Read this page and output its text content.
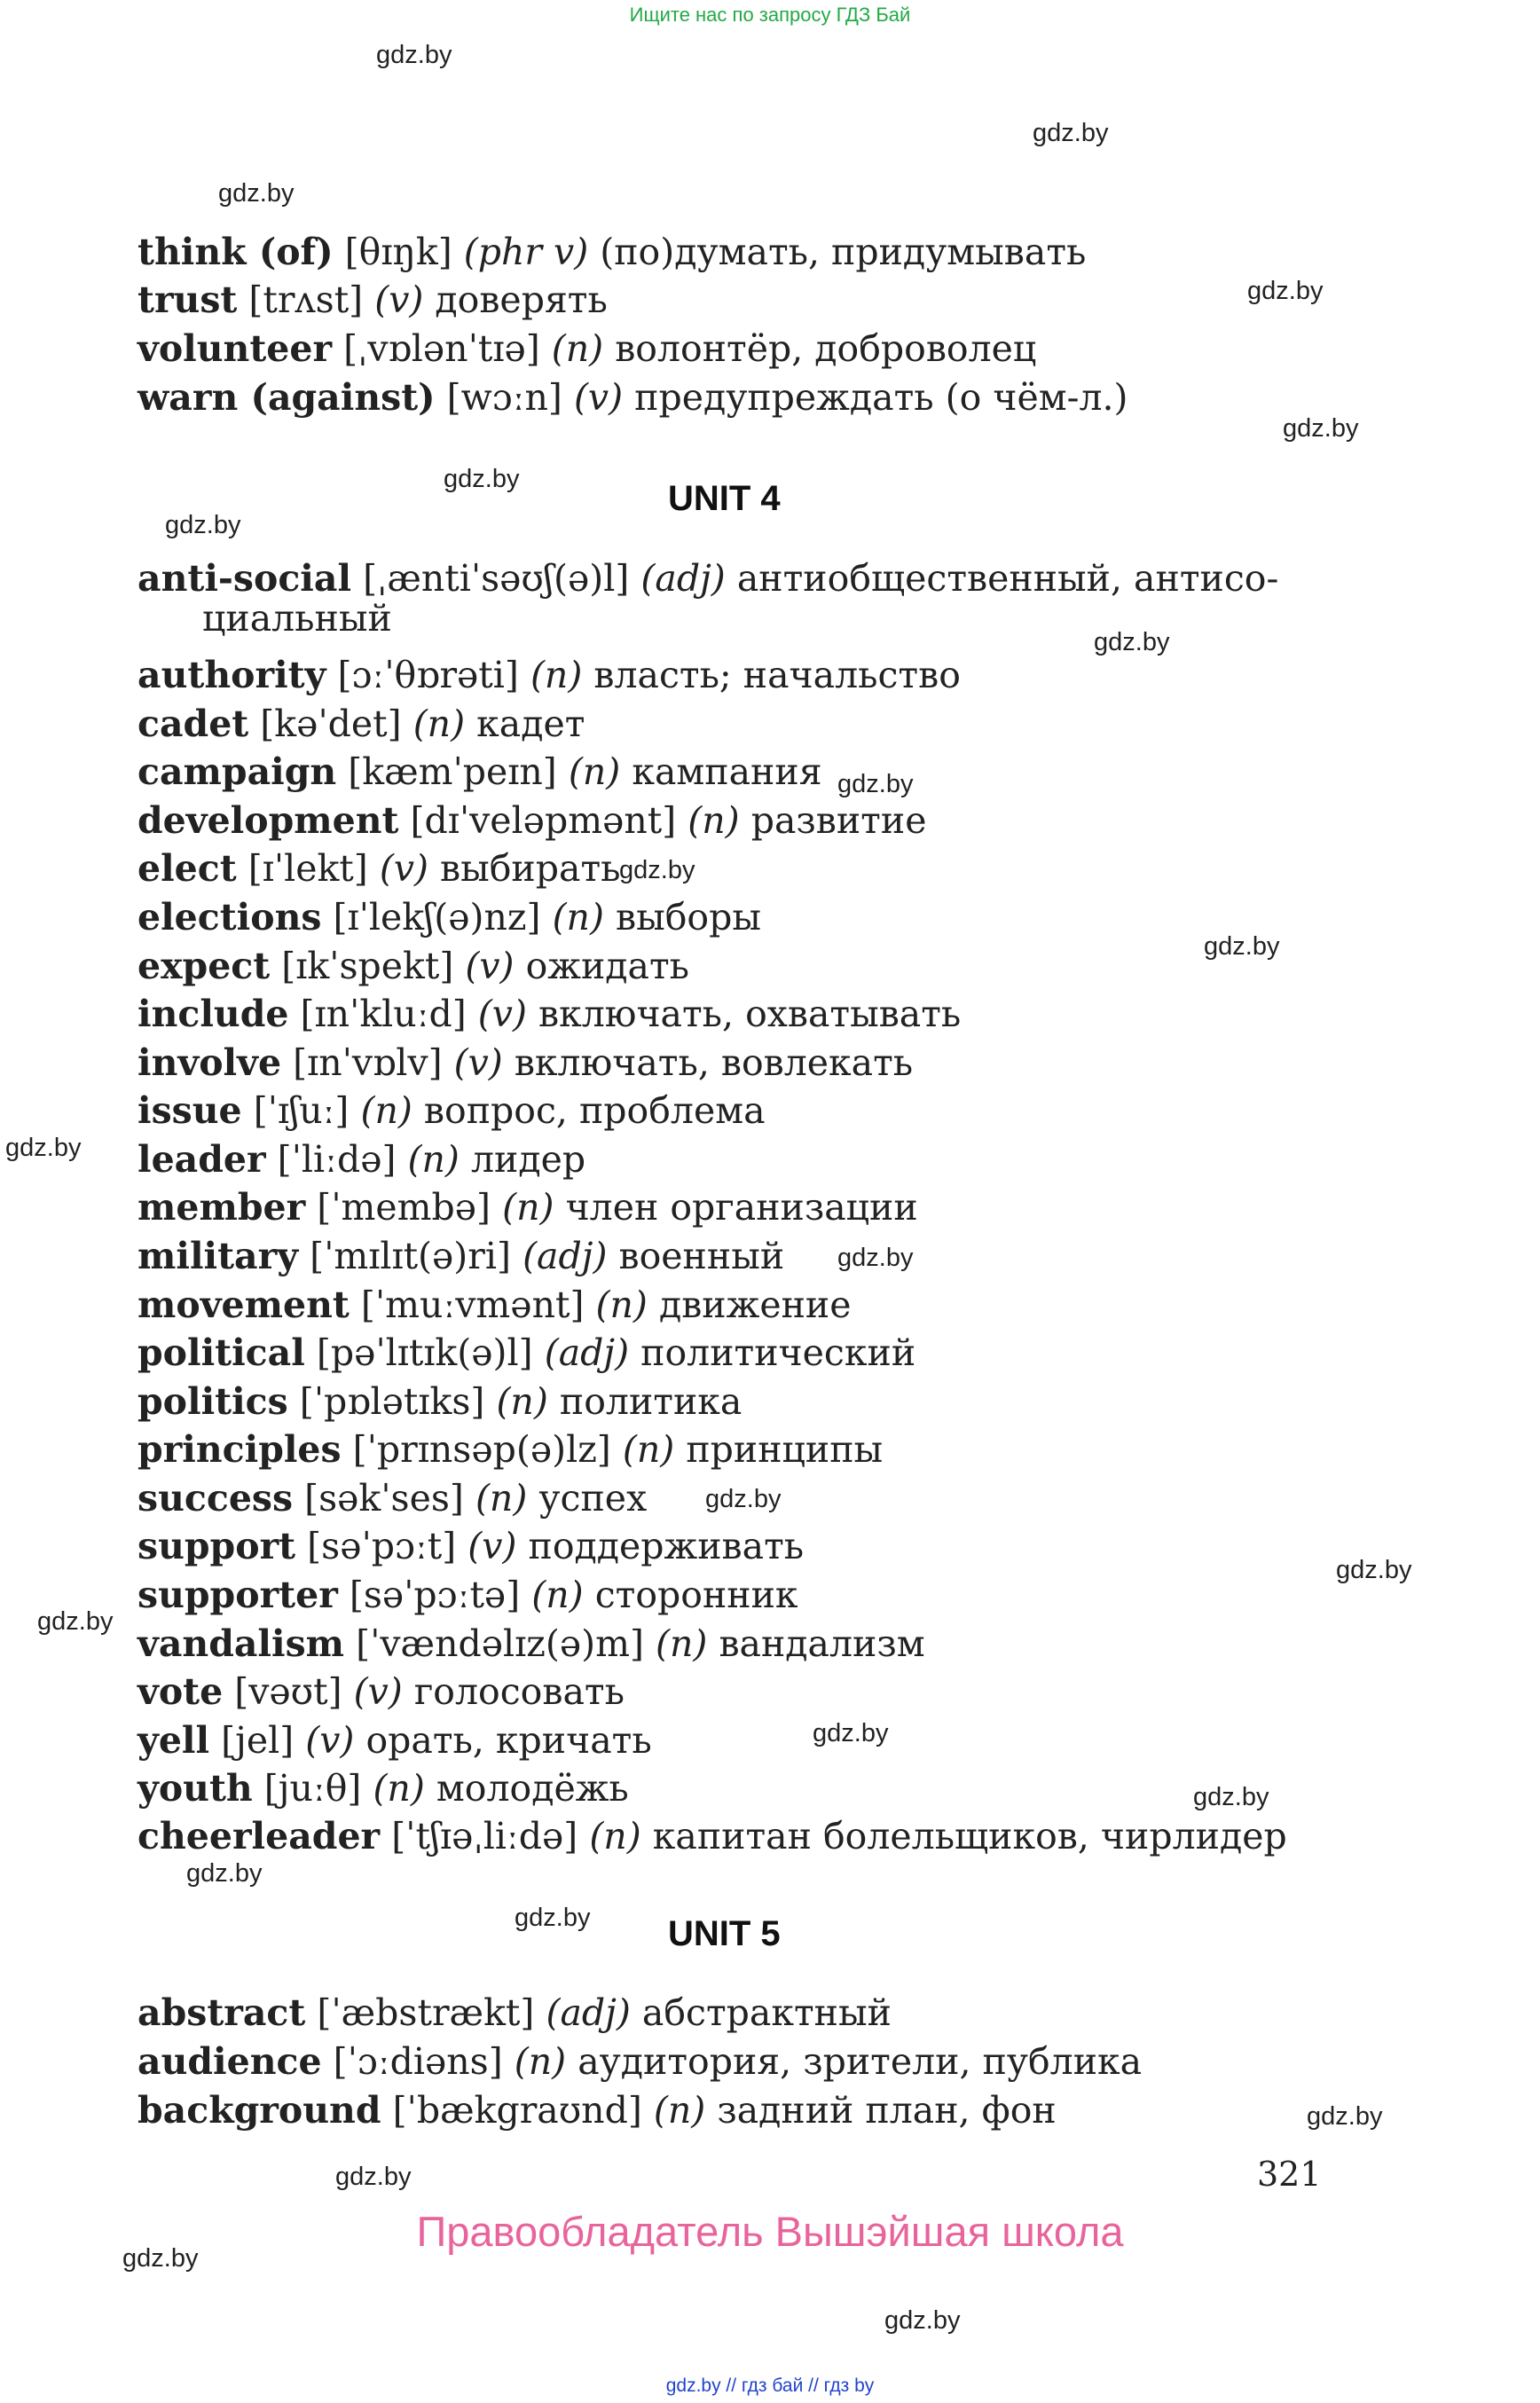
Ищите нас по запросу ГДЗ Бай
gdz.by
gdz.by
gdz.by
gdz.by
gdz.by
gdz.by
gdz.by
gdz.by
gdz.by
gdz.by
gdz.by
gdz.by
gdz.by
gdz.by
gdz.by
gdz.by
gdz.by
gdz.by
gdz.by
gdz.by
gdz.by
gdz.by
gdz.by
gdz.by
think (of) [θɪŋk] (phr v) (по)думать, придумывать
trust [trʌst] (v) доверять
volunteer [ˌvɒlənˈtɪə] (n) волонтёр, доброволец
warn (against) [wɔːn] (v) предупреждать (о чём-л.)
UNIT 4
anti-social [ˌæntiˈsəʊʃ(ə)l] (adj) антиобщественный, антисо-
циальный
authority [ɔːˈθɒrəti] (n) власть; начальство
cadet [kəˈdet] (n) кадет
campaign [kæmˈpeɪn] (n) кампания
development [dɪˈveləpmənt] (n) развитие
elect [ɪˈlekt] (v) выбирать
elections [ɪˈlekʃ(ə)nz] (n) выборы
expect [ɪkˈspekt] (v) ожидать
include [ɪnˈkluːd] (v) включать, охватывать
involve [ɪnˈvɒlv] (v) включать, вовлекать
issue [ˈɪʃuː] (n) вопрос, проблема
leader [ˈliːdə] (n) лидер
member [ˈmembə] (n) член организации
military [ˈmɪlɪt(ə)ri] (adj) военный
movement [ˈmuːvmənt] (n) движение
political [pəˈlɪtɪk(ə)l] (adj) политический
politics [ˈpɒlətɪks] (n) политика
principles [ˈprɪnsəp(ə)lz] (n) принципы
success [səkˈses] (n) успех
support [səˈpɔːt] (v) поддерживать
supporter [səˈpɔːtə] (n) сторонник
vandalism [ˈvændəlɪz(ə)m] (n) вандализм
vote [vəʊt] (v) голосовать
yell [jel] (v) орать, кричать
youth [juːθ] (n) молодёжь
cheerleader [ˈtʃɪəˌliːdə] (n) капитан болельщиков, чирлидер
UNIT 5
abstract [ˈæbstrækt] (adj) абстрактный
audience [ˈɔːdiəns] (n) аудитория, зрители, публика
background [ˈbækgraʊnd] (n) задний план, фон
321
Правообладатель Вышэйшая школа
gdz.by // гдз бай // гдз by
